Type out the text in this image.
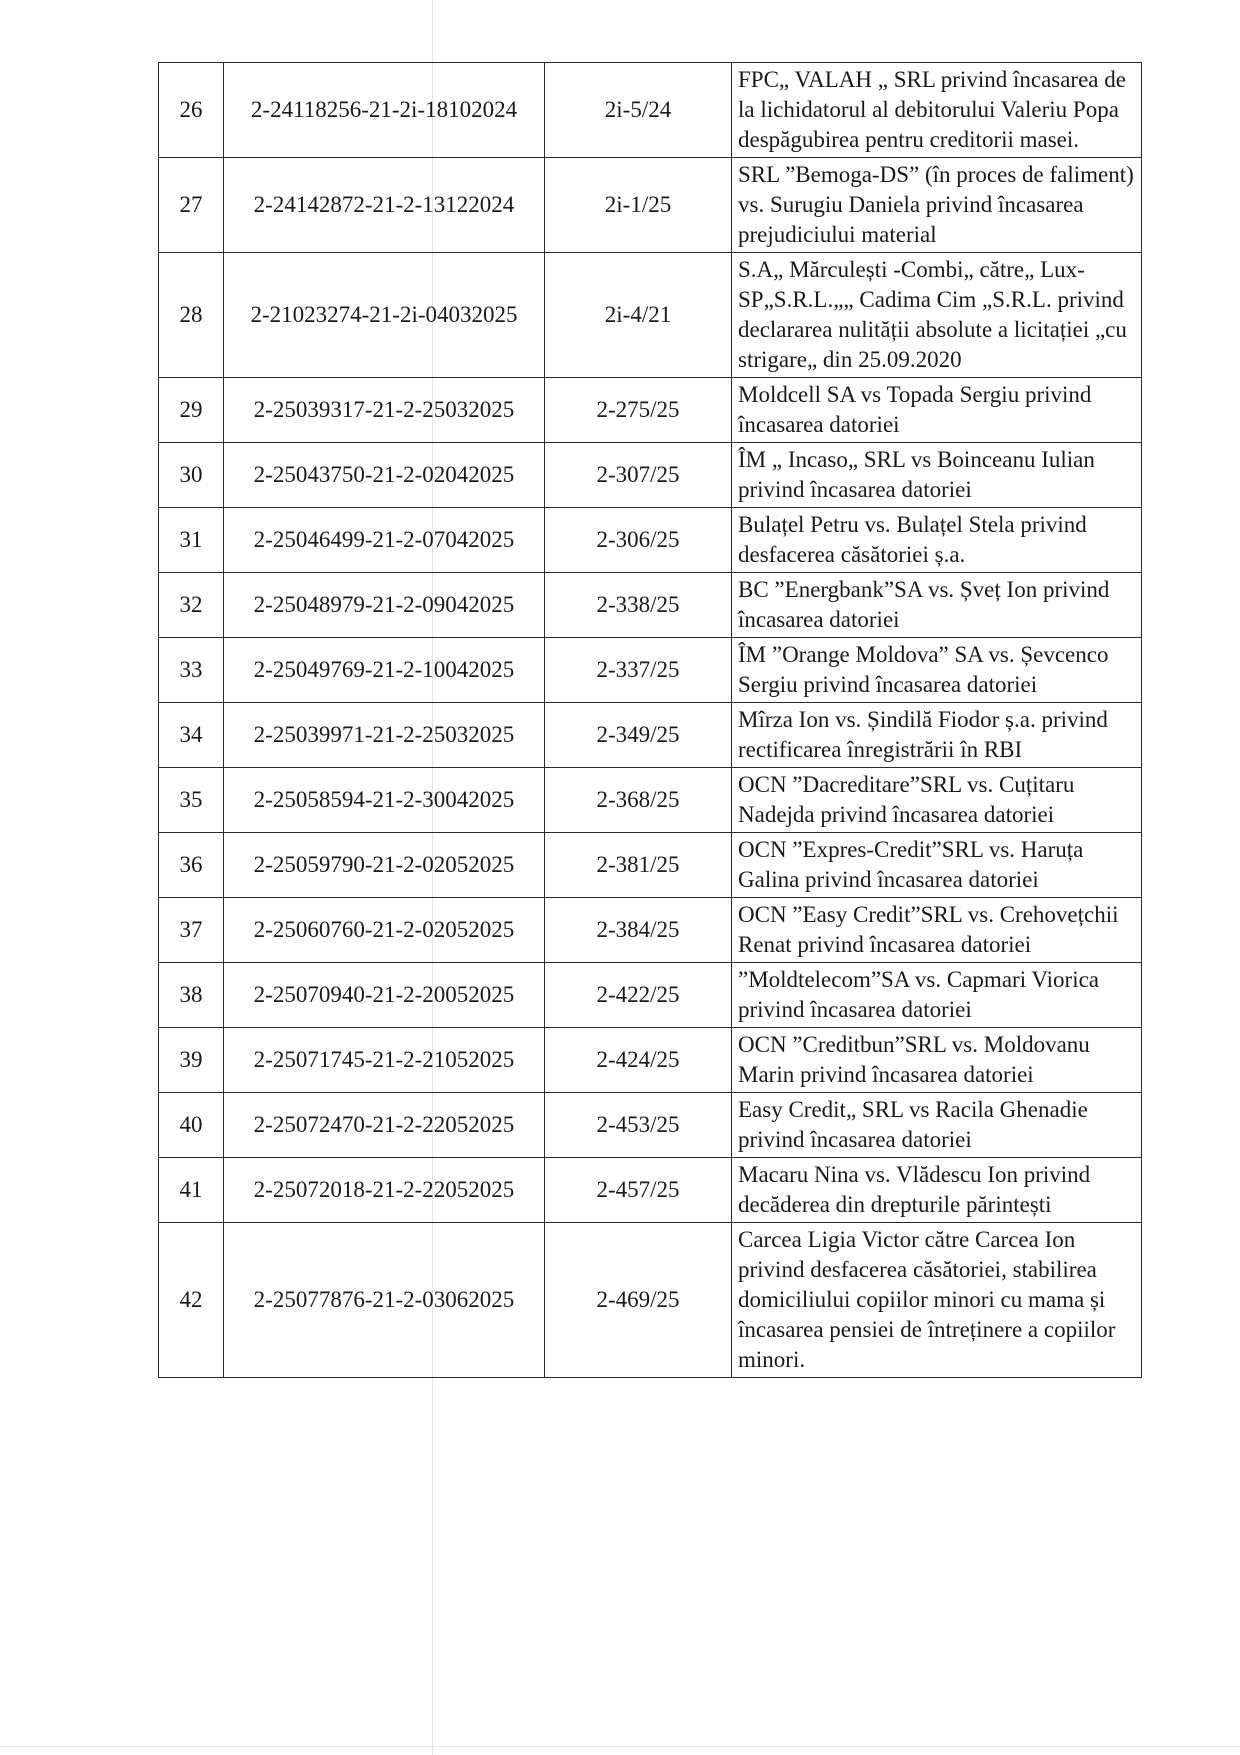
26	2-24118256-21-2i-18102024	2i-5/24	FPC„ VALAH „ SRL privind încasarea de la lichidatorul al debitorului Valeriu Popa despăgubirea pentru creditorii masei.
27	2-24142872-21-2-13122024	2i-1/25	SRL ”Bemoga-DS” (în proces de faliment) vs. Surugiu Daniela privind încasarea prejudiciului material
28	2-21023274-21-2i-04032025	2i-4/21	S.A„ Mărculești -Combi„ către„ Lux-SP„S.R.L.„„ Cadima Cim „S.R.L. privind declararea nulității absolute a licitației „cu strigare„ din 25.09.2020
29	2-25039317-21-2-25032025	2-275/25	Moldcell SA vs Topada Sergiu privind încasarea datoriei
30	2-25043750-21-2-02042025	2-307/25	ÎM „ Incaso„ SRL vs Boinceanu Iulian privind încasarea datoriei
31	2-25046499-21-2-07042025	2-306/25	Bulațel Petru vs. Bulațel Stela privind desfacerea căsătoriei ș.a.
32	2-25048979-21-2-09042025	2-338/25	BC ”Energbank”SA vs. Șveț Ion privind încasarea datoriei
33	2-25049769-21-2-10042025	2-337/25	ÎM ”Orange Moldova” SA vs. Șevcenco Sergiu privind încasarea datoriei
34	2-25039971-21-2-25032025	2-349/25	Mîrza Ion vs. Șindilă Fiodor ș.a. privind rectificarea înregistrării în RBI
35	2-25058594-21-2-30042025	2-368/25	OCN ”Dacreditare”SRL vs. Cuțitaru Nadejda privind încasarea datoriei
36	2-25059790-21-2-02052025	2-381/25	OCN ”Expres-Credit”SRL vs. Haruța Galina privind încasarea datoriei
37	2-25060760-21-2-02052025	2-384/25	OCN ”Easy Credit”SRL vs. Crehovețchii Renat privind încasarea datoriei
38	2-25070940-21-2-20052025	2-422/25	”Moldtelecom”SA vs. Capmari Viorica privind încasarea datoriei
39	2-25071745-21-2-21052025	2-424/25	OCN ”Creditbun”SRL vs. Moldovanu Marin privind încasarea datoriei
40	2-25072470-21-2-22052025	2-453/25	Easy Credit„ SRL vs Racila Ghenadie privind încasarea datoriei
41	2-25072018-21-2-22052025	2-457/25	Macaru Nina vs. Vlădescu Ion privind decăderea din drepturile părintești
42	2-25077876-21-2-03062025	2-469/25	Carcea Ligia Victor către Carcea Ion privind desfacerea căsătoriei, stabilirea domiciliului copiilor minori cu mama și încasarea pensiei de întreținere a copiilor minori.
